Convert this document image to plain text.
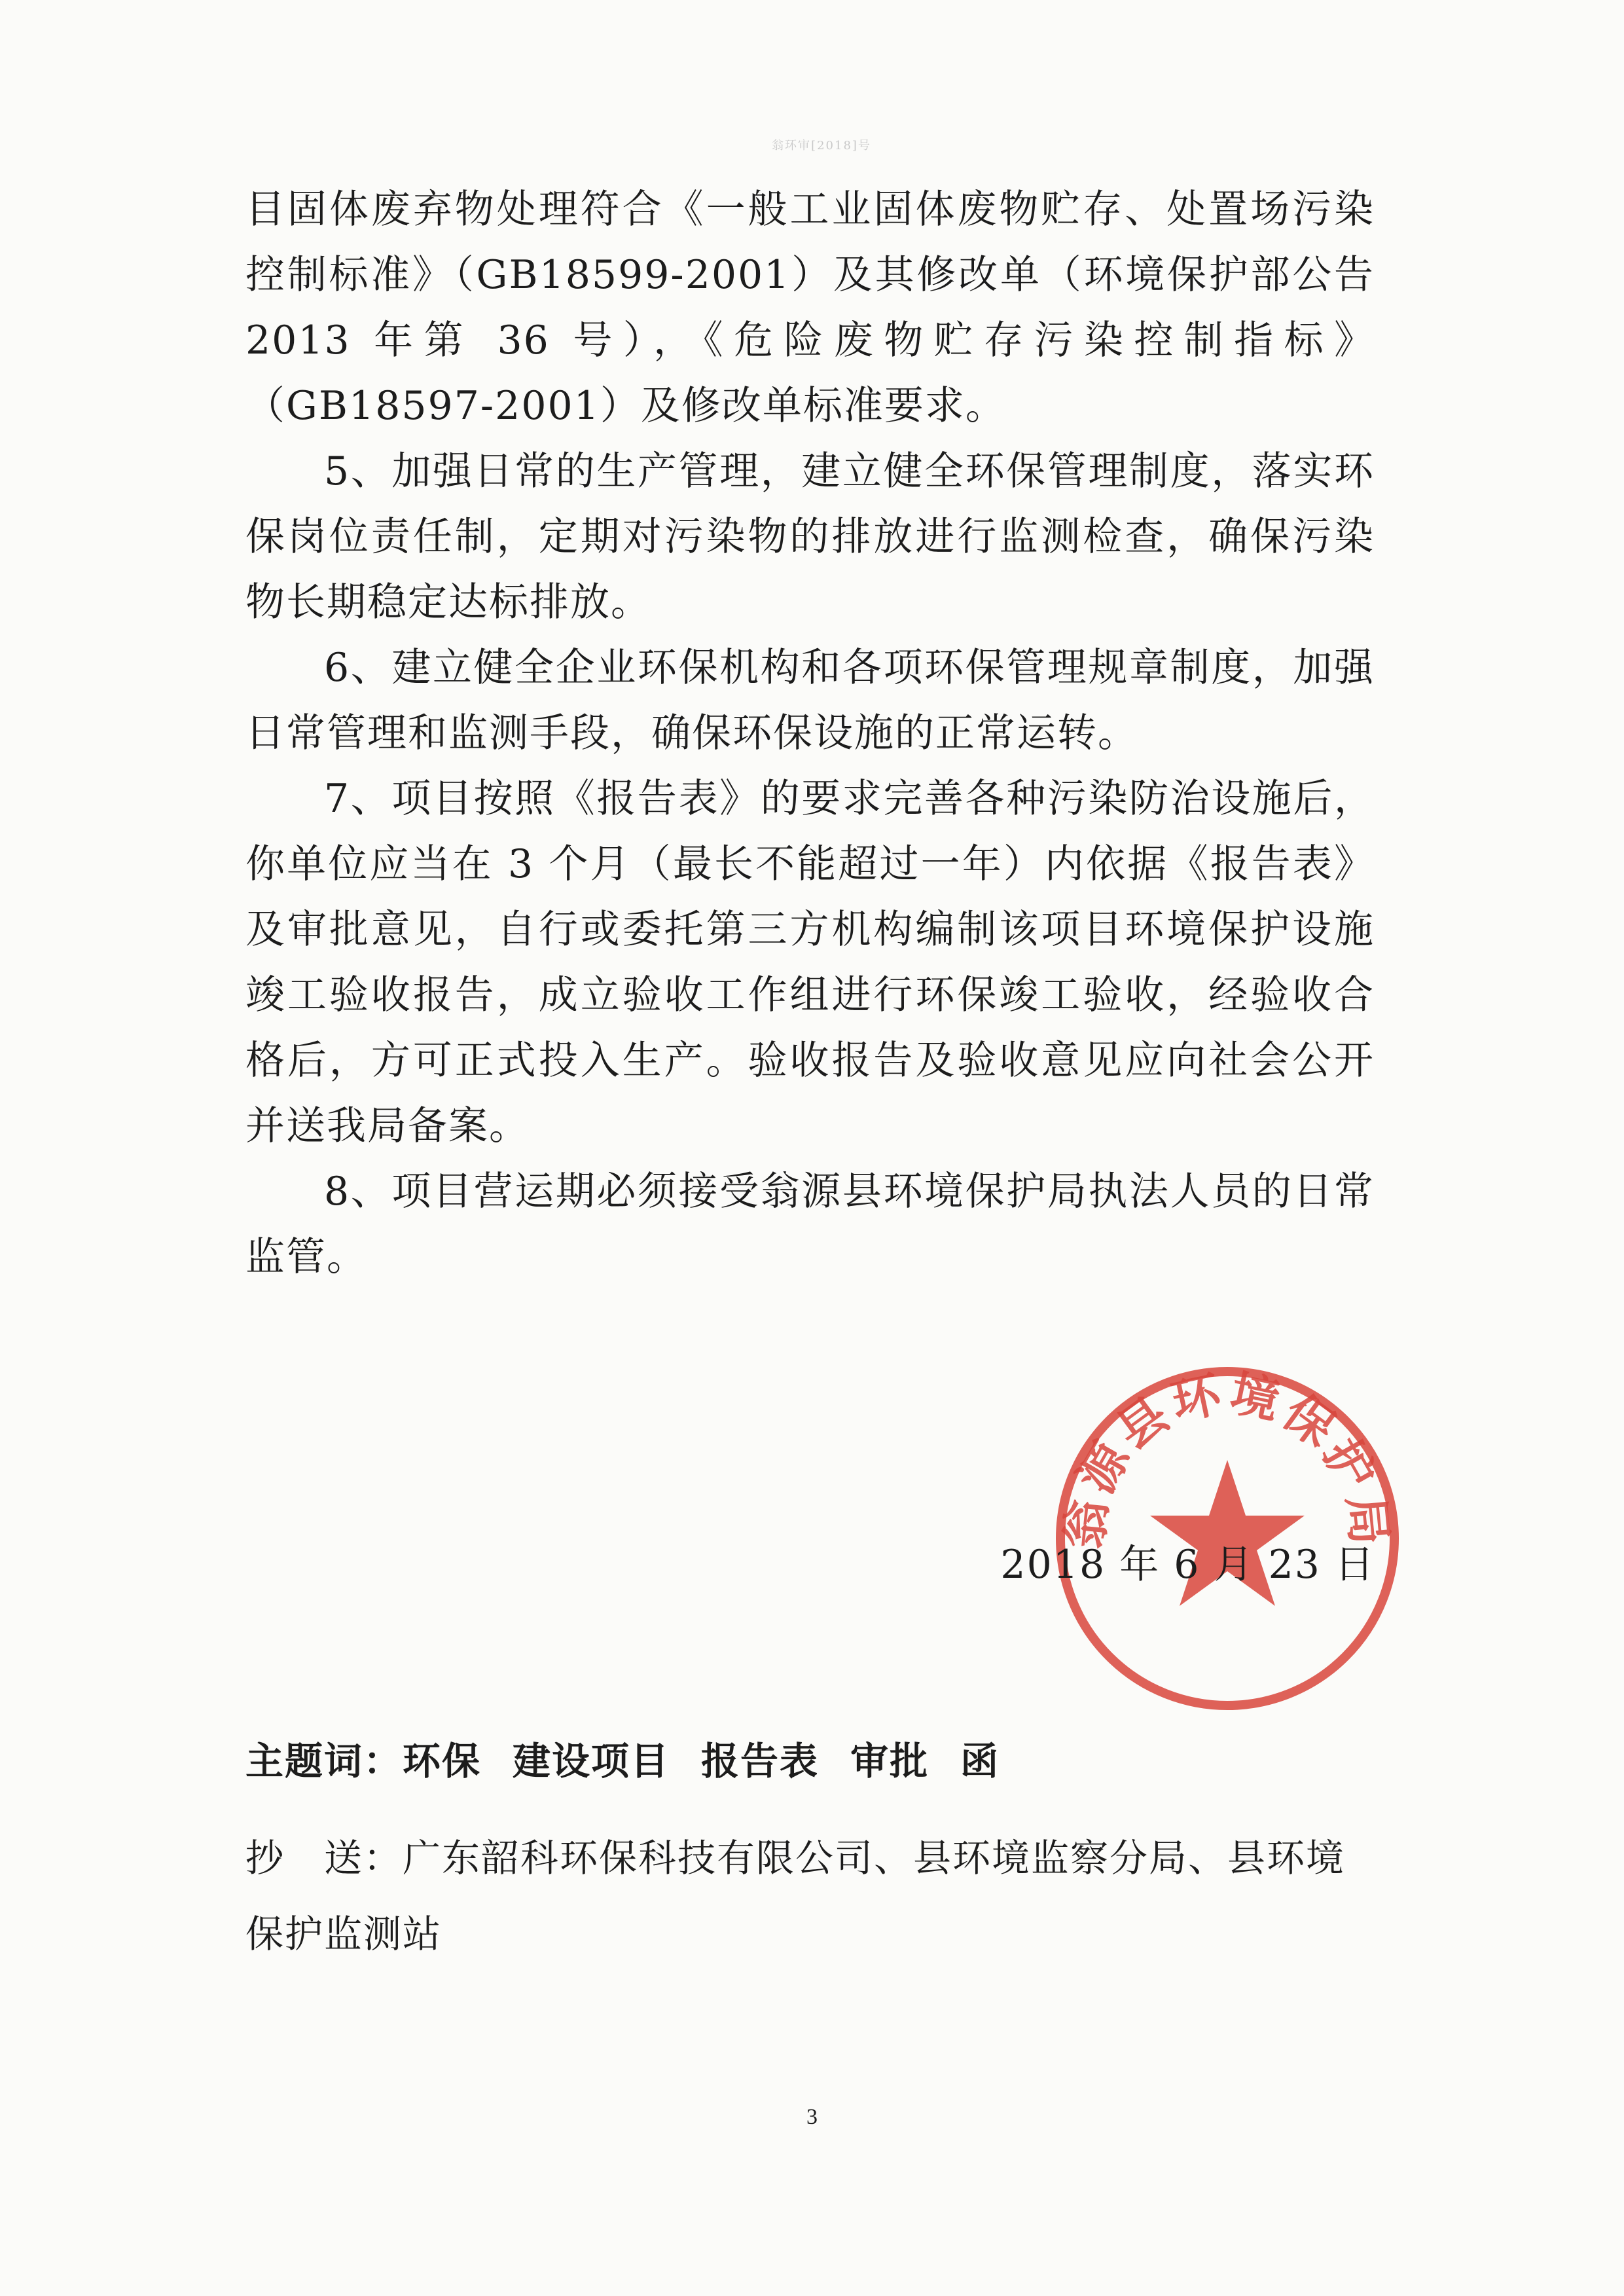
翁环审[2018]号

目固体废弃物处理符合《一般工业固体废物贮存、处置场污染控制标准》（GB18599-2001）及其修改单（环境保护部公告 2013 年第 36 号），《危险废物贮存污染控制指标》（GB18597-2001）及修改单标准要求。

5、加强日常的生产管理，建立健全环保管理制度，落实环保岗位责任制，定期对污染物的排放进行监测检查，确保污染物长期稳定达标排放。

6、建立健全企业环保机构和各项环保管理规章制度，加强日常管理和监测手段，确保环保设施的正常运转。

7、项目按照《报告表》的要求完善各种污染防治设施后，你单位应当在 3 个月（最长不能超过一年）内依据《报告表》及审批意见，自行或委托第三方机构编制该项目环境保护设施竣工验收报告，成立验收工作组进行环保竣工验收，经验收合格后，方可正式投入生产。验收报告及验收意见应向社会公开并送我局备案。

8、项目营运期必须接受翁源县环境保护局执法人员的日常监管。

翁源县环境保护局
2018 年 6 月 23 日
主题词：环保 建设项目 报告表 审批 函
抄　送：广东韶科环保科技有限公司、县环境监察分局、县环境保护监测站
3
